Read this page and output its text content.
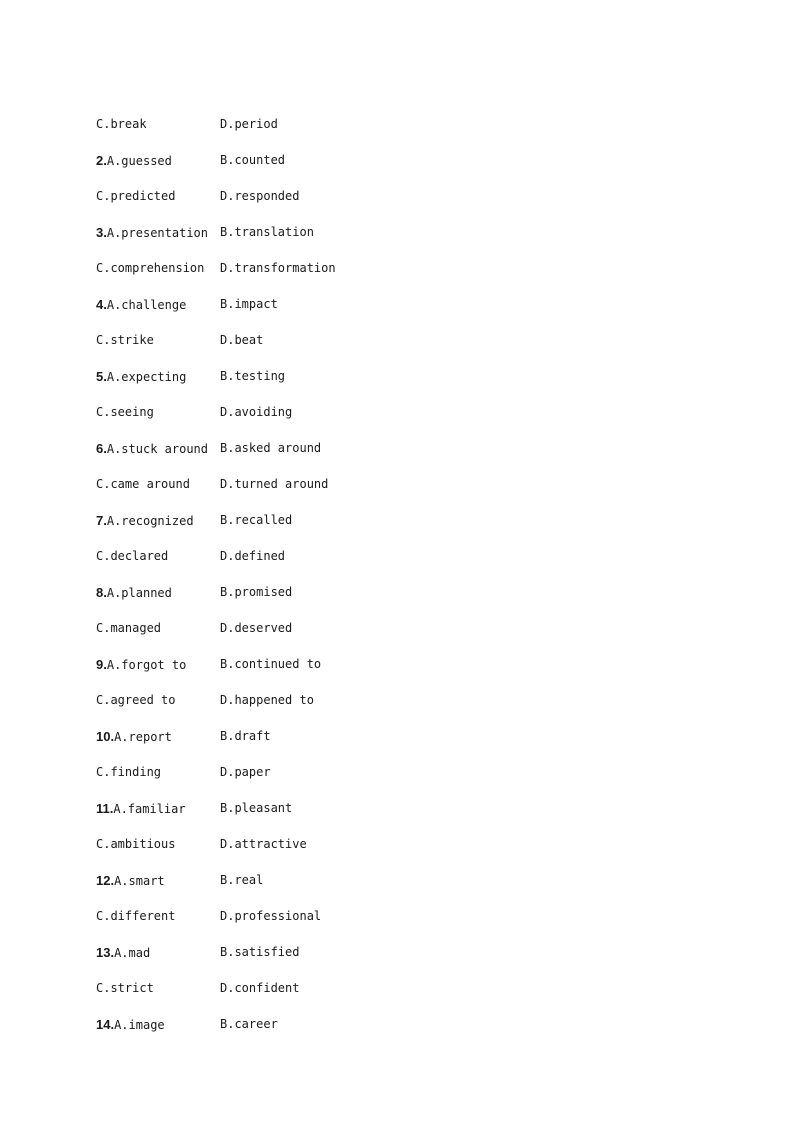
C.break	D.period
2.A.guessed	B.counted
C.predicted	D.responded
3.A.presentation	B.translation
C.comprehension	D.transformation
4.A.challenge	B.impact
C.strike	D.beat
5.A.expecting	B.testing
C.seeing	D.avoiding
6.A.stuck around	B.asked around
C.came around	D.turned around
7.A.recognized	B.recalled
C.declared	D.defined
8.A.planned	B.promised
C.managed	D.deserved
9.A.forgot to	B.continued to
C.agreed to	D.happened to
10.A.report	B.draft
C.finding	D.paper
11.A.familiar	B.pleasant
C.ambitious	D.attractive
12.A.smart	B.real
C.different	D.professional
13.A.mad	B.satisfied
C.strict	D.confident
14.A.image	B.career
